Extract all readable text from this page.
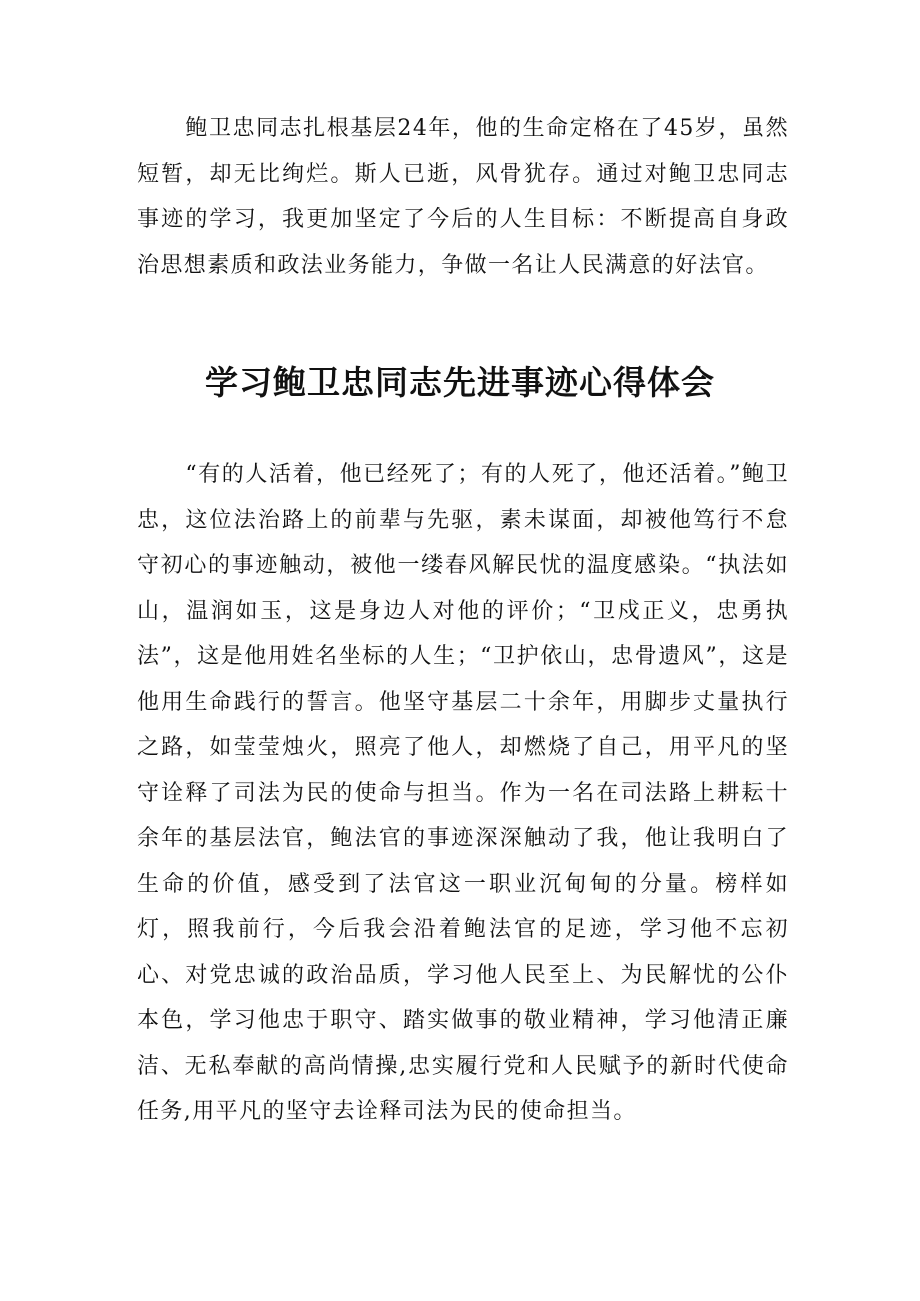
鲍卫忠同志扎根基层24年，他的生命定格在了45岁，虽然短暂，却无比绚烂。斯人已逝，风骨犹存。通过对鲍卫忠同志事迹的学习，我更加坚定了今后的人生目标：不断提高自身政治思想素质和政法业务能力，争做一名让人民满意的好法官。

学习鲍卫忠同志先进事迹心得体会

“有的人活着，他已经死了；有的人死了，他还活着。”鲍卫忠，这位法治路上的前辈与先驱，素未谋面，却被他笃行不怠守初心的事迹触动，被他一缕春风解民忧的温度感染。“执法如山，温润如玉，这是身边人对他的评价；“卫戍正义，忠勇执法”，这是他用姓名坐标的人生；“卫护依山，忠骨遗风”，这是他用生命践行的誓言。他坚守基层二十余年，用脚步丈量执行之路，如莹莹烛火，照亮了他人，却燃烧了自己，用平凡的坚守诠释了司法为民的使命与担当。作为一名在司法路上耕耘十余年的基层法官，鲍法官的事迹深深触动了我，他让我明白了生命的价值，感受到了法官这一职业沉甸甸的分量。榜样如灯，照我前行，今后我会沿着鲍法官的足迹，学习他不忘初心、对党忠诚的政治品质，学习他人民至上、为民解忧的公仆本色，学习他忠于职守、踏实做事的敬业精神，学习他清正廉洁、无私奉献的高尚情操,忠实履行党和人民赋予的新时代使命任务,用平凡的坚守去诠释司法为民的使命担当。
